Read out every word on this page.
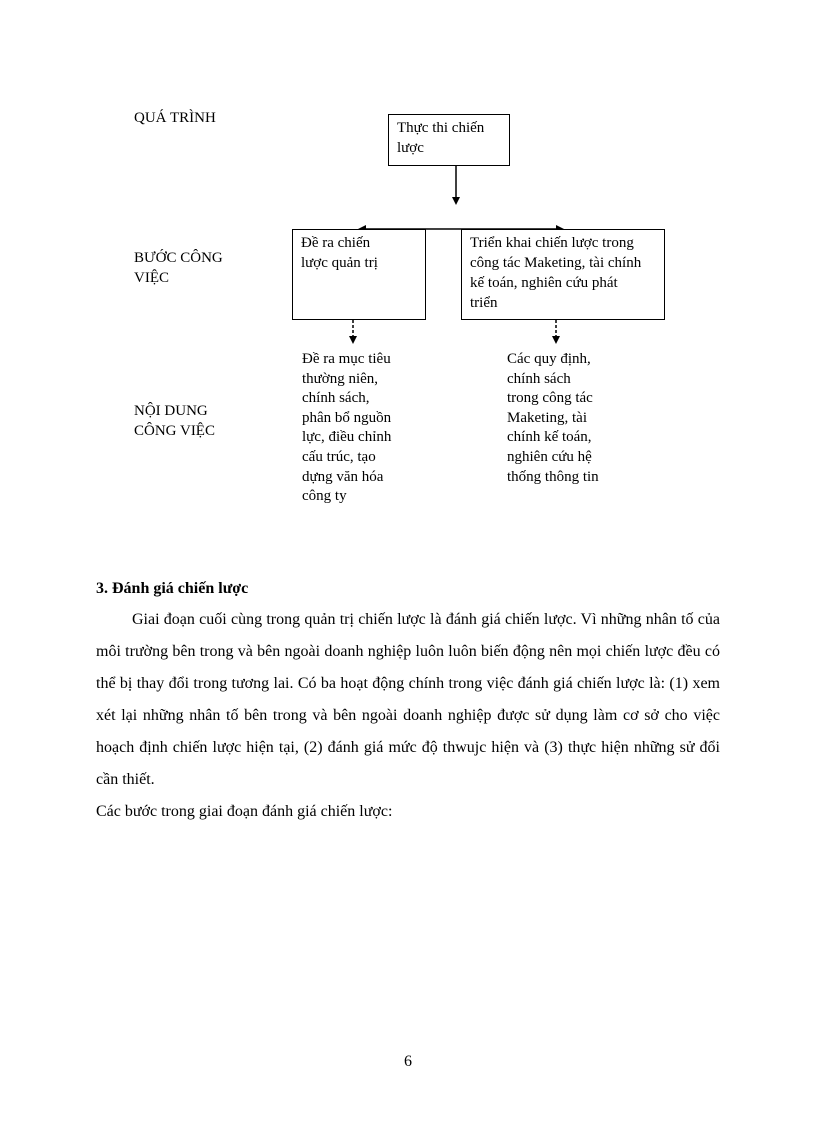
QUÁ TRÌNH
BƯỚC CÔNG
VIỆC
NỘI DUNG
CÔNG VIỆC
Thực thi chiến
lược
Đề ra chiến
lược quản trị
Triển khai chiến lược trong
công tác Maketing, tài chính
kế toán, nghiên cứu phát
triển
Đề ra mục tiêu
thường niên,
chính sách,
phân bổ nguồn
lực, điều chỉnh
cấu trúc, tạo
dựng văn hóa
công ty
Các quy định,
chính sách
trong công tác
Maketing, tài
chính kế toán,
nghiên cứu hệ
thống thông tin
3. Đánh giá chiến lược
Giai đoạn cuối cùng trong quản trị chiến lược là đánh giá chiến lược. Vì những nhân tố của môi trường bên trong và bên ngoài doanh nghiệp luôn luôn biến động nên mọi chiến lược đều có thể bị thay đổi trong tương lai. Có ba hoạt động chính trong việc đánh giá chiến lược là: (1) xem xét lại những nhân tố bên trong và bên ngoài doanh nghiệp được sử dụng làm cơ sở cho việc hoạch định chiến lược hiện tại, (2) đánh giá mức độ thwujc hiện và (3) thực hiện những sử đổi cần thiết.
Các bước trong giai đoạn đánh giá chiến lược:
6
